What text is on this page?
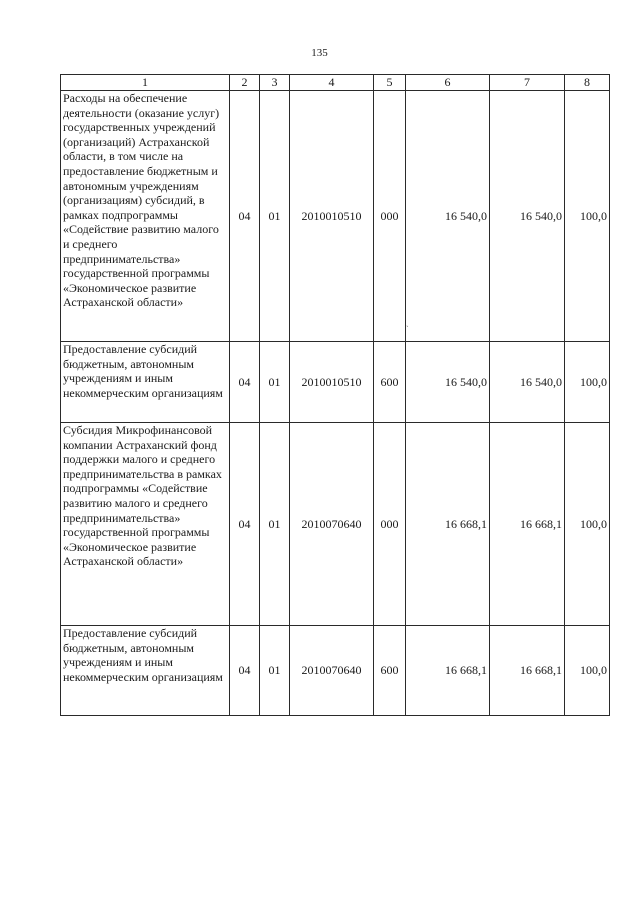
135
1	2	3	4	5	6	7	8
Расходы на обеспечение деятельности (оказание услуг) государственных учреждений (организаций) Астраханской области, в том числе на предоставление бюджетным и автономным учреждениям (организациям) субсидий, в рамках подпрограммы «Содействие развитию малого и среднего предпринимательства» государственной программы «Экономическое развитие Астраханской области»	04	01	2010010510	000	16 540,0	16 540,0	100,0
Предоставление субсидий бюджетным, автономным учреждениям и иным некоммерческим организациям	04	01	2010010510	600	16 540,0	16 540,0	100,0
Субсидия Микрофинансовой компании Астраханский фонд поддержки малого и среднего предпринимательства в рамках подпрограммы «Содействие развитию малого и среднего предпринимательства» государственной программы «Экономическое развитие Астраханской области»	04	01	2010070640	000	16 668,1	16 668,1	100,0
Предоставление субсидий бюджетным, автономным учреждениям и иным некоммерческим организациям	04	01	2010070640	600	16 668,1	16 668,1	100,0
ˎ
